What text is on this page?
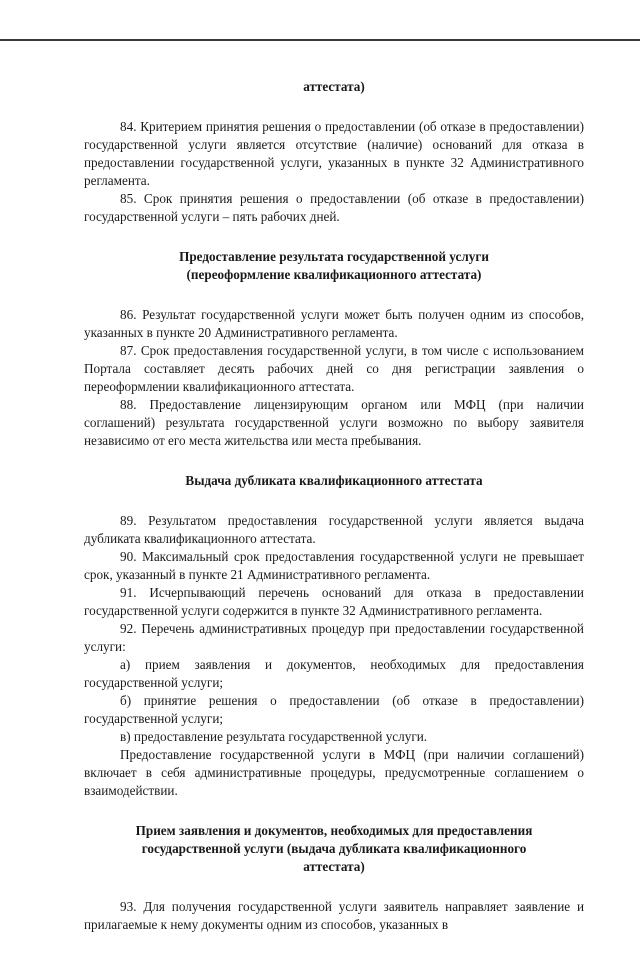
аттестата)

84. Критерием принятия решения о предоставлении (об отказе в предоставлении) государственной услуги является отсутствие (наличие) оснований для отказа в предоставлении государственной услуги, указанных в пункте 32 Административного регламента.

85. Срок принятия решения о предоставлении (об отказе в предоставлении) государственной услуги – пять рабочих дней.

Предоставление результата государственной услуги

(переоформление квалификационного аттестата)

86. Результат государственной услуги может быть получен одним из способов, указанных в пункте 20 Административного регламента.

87. Срок предоставления государственной услуги, в том числе с использованием Портала составляет десять рабочих дней со дня регистрации заявления о переоформлении квалификационного аттестата.

88. Предоставление лицензирующим органом или МФЦ (при наличии соглашений) результата государственной услуги возможно по выбору заявителя независимо от его места жительства или места пребывания.

Выдача дубликата квалификационного аттестата

89. Результатом предоставления государственной услуги является выдача дубликата квалификационного аттестата.

90. Максимальный срок предоставления государственной услуги не превышает срок, указанный в пункте 21 Административного регламента.

91. Исчерпывающий перечень оснований для отказа в предоставлении государственной услуги содержится в пункте 32 Административного регламента.

92. Перечень административных процедур при предоставлении государственной услуги:

а) прием заявления и документов, необходимых для предоставления государственной услуги;

б) принятие решения о предоставлении (об отказе в предоставлении) государственной услуги;

в) предоставление результата государственной услуги.

Предоставление государственной услуги в МФЦ (при наличии соглашений) включает в себя административные процедуры, предусмотренные соглашением о взаимодействии.

Прием заявления и документов, необходимых для предоставления

государственной услуги (выдача дубликата квалификационного

аттестата)

93. Для получения государственной услуги заявитель направляет заявление и прилагаемые к нему документы одним из способов, указанных в
